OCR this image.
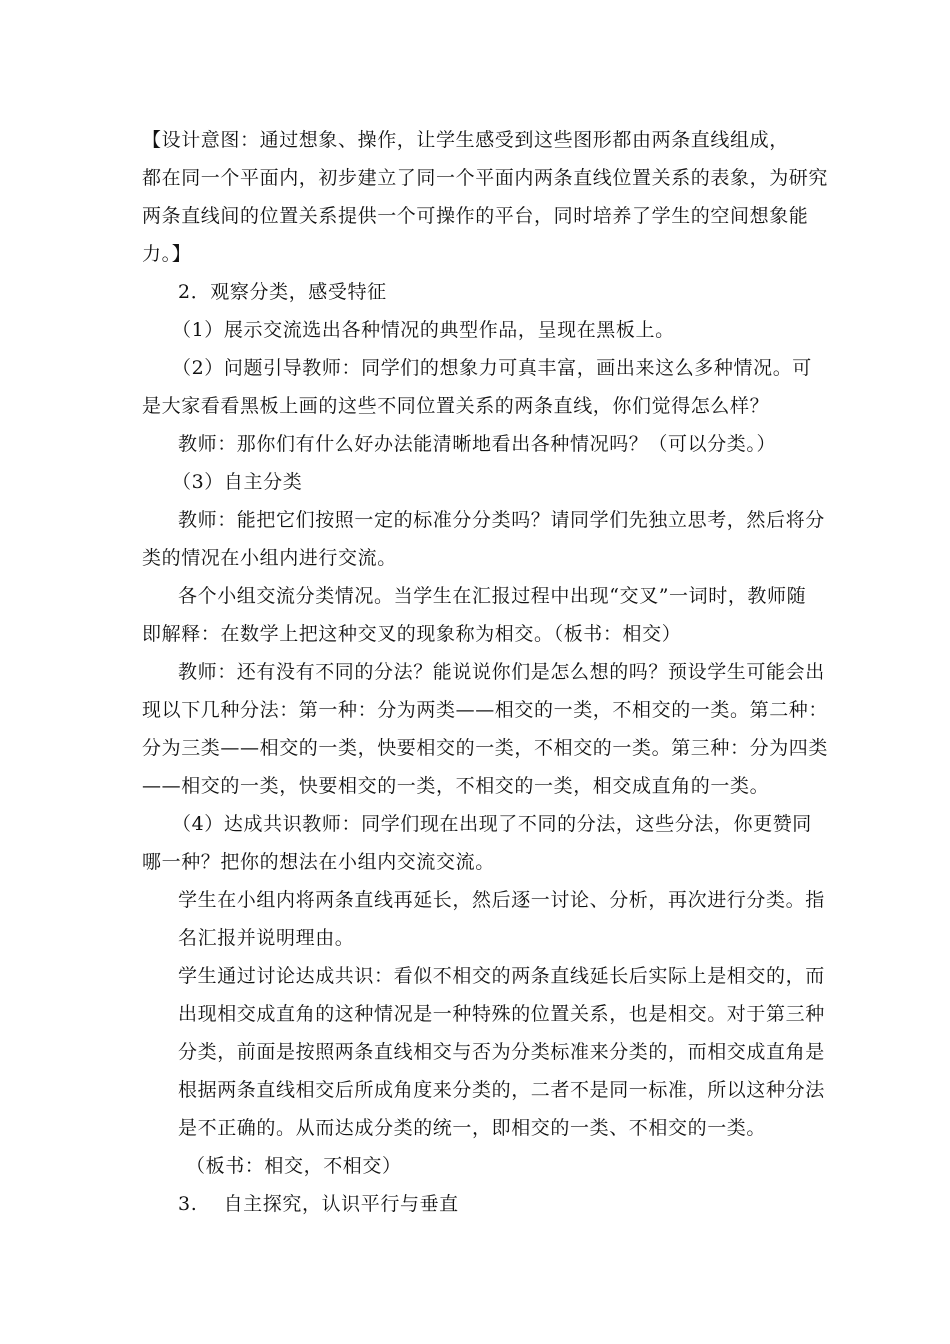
【设计意图：通过想象、操作，让学生感受到这些图形都由两条直线组成，
都在同一个平面内，初步建立了同一个平面内两条直线位置关系的表象，为研究
两条直线间的位置关系提供一个可操作的平台，同时培养了学生的空间想象能
力。】
2．观察分类，感受特征
（1）展示交流选出各种情况的典型作品，呈现在黑板上。
（2）问题引导教师：同学们的想象力可真丰富，画出来这么多种情况。可
是大家看看黑板上画的这些不同位置关系的两条直线，你们觉得怎么样？
教师：那你们有什么好办法能清晰地看出各种情况吗？（可以分类。）
（3）自主分类
教师：能把它们按照一定的标准分分类吗？请同学们先独立思考，然后将分
类的情况在小组内进行交流。
各个小组交流分类情况。当学生在汇报过程中出现“交叉”一词时，教师随
即解释：在数学上把这种交叉的现象称为相交。（板书：相交）
教师：还有没有不同的分法？能说说你们是怎么想的吗？预设学生可能会出
现以下几种分法：第一种：分为两类——相交的一类，不相交的一类。第二种：
分为三类——相交的一类，快要相交的一类，不相交的一类。第三种：分为四类
——相交的一类，快要相交的一类，不相交的一类，相交成直角的一类。
（4）达成共识教师：同学们现在出现了不同的分法，这些分法，你更赞同
哪一种？把你的想法在小组内交流交流。
学生在小组内将两条直线再延长，然后逐一讨论、分析，再次进行分类。指
名汇报并说明理由。
学生通过讨论达成共识：看似不相交的两条直线延长后实际上是相交的，而
出现相交成直角的这种情况是一种特殊的位置关系，也是相交。对于第三种
分类，前面是按照两条直线相交与否为分类标准来分类的，而相交成直角是
根据两条直线相交后所成角度来分类的，二者不是同一标准，所以这种分法
是不正确的。从而达成分类的统一，即相交的一类、不相交的一类。
（板书：相交，不相交）
3.　 自主探究，认识平行与垂直
